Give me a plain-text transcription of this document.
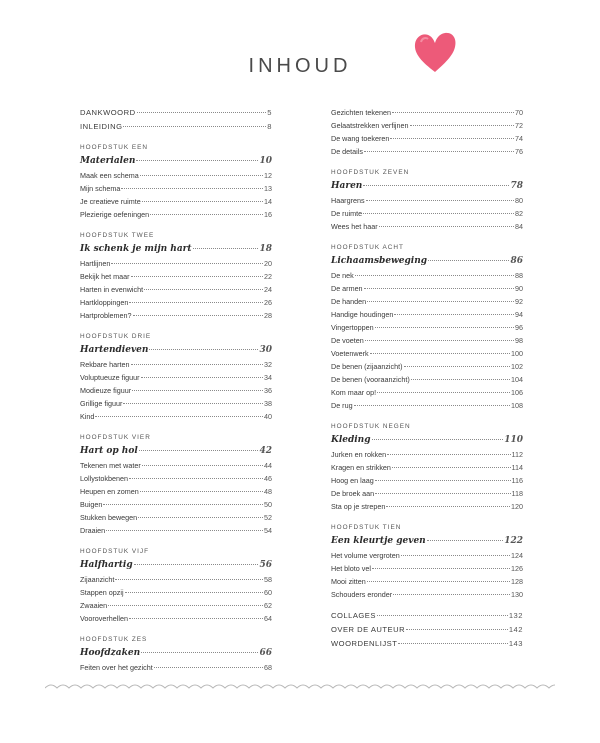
INHOUD
DANKWOORD	5
INLEIDING	8
HOOFDSTUK EEN
Materialen	10
Maak een schema	12
Mijn schema	13
Je creatieve ruimte	14
Plezierige oefeningen	16
HOOFDSTUK TWEE
Ik schenk je mijn hart	18
Hartlijnen	20
Bekijk het maar	22
Harten in evenwicht	24
Hartkloppingen	26
Hartproblemen?	28
HOOFDSTUK DRIE
Hartendieven	30
Rekbare harten	32
Voluptueuze figuur	34
Modieuze figuur	36
Grillige figuur	38
Kind	40
HOOFDSTUK VIER
Hart op hol	42
Tekenen met water	44
Lollystokbenen	46
Heupen en zomen	48
Buigen	50
Stukken bewegen	52
Draaien	54
HOOFDSTUK VIJF
Halfhartig	56
Zijaanzicht	58
Stappen opzij	60
Zwaaien	62
Vooroverhellen	64
HOOFDSTUK ZES
Hoofdzaken	66
Feiten over het gezicht	68
Gezichten tekenen	70
Gelaatstrekken verfijnen	72
De wang toekeren	74
De details	76
HOOFDSTUK ZEVEN
Haren	78
Haargrens	80
De ruimte	82
Wees het haar	84
HOOFDSTUK ACHT
Lichaamsbeweging	86
De nek	88
De armen	90
De handen	92
Handige houdingen	94
Vingertoppen	96
De voeten	98
Voetenwerk	100
De benen (zijaanzicht)	102
De benen (vooraanzicht)	104
Kom maar op!	106
De rug	108
HOOFDSTUK NEGEN
Kleding	110
Jurken en rokken	112
Kragen en strikken	114
Hoog en laag	116
De broek aan	118
Sta op je strepen	120
HOOFDSTUK TIEN
Een kleurtje geven	122
Het volume vergroten	124
Het bloto vel	126
Mooi zitten	128
Schouders eronder	130
COLLAGES	132
OVER DE AUTEUR	142
WOORDENLIJST	143
